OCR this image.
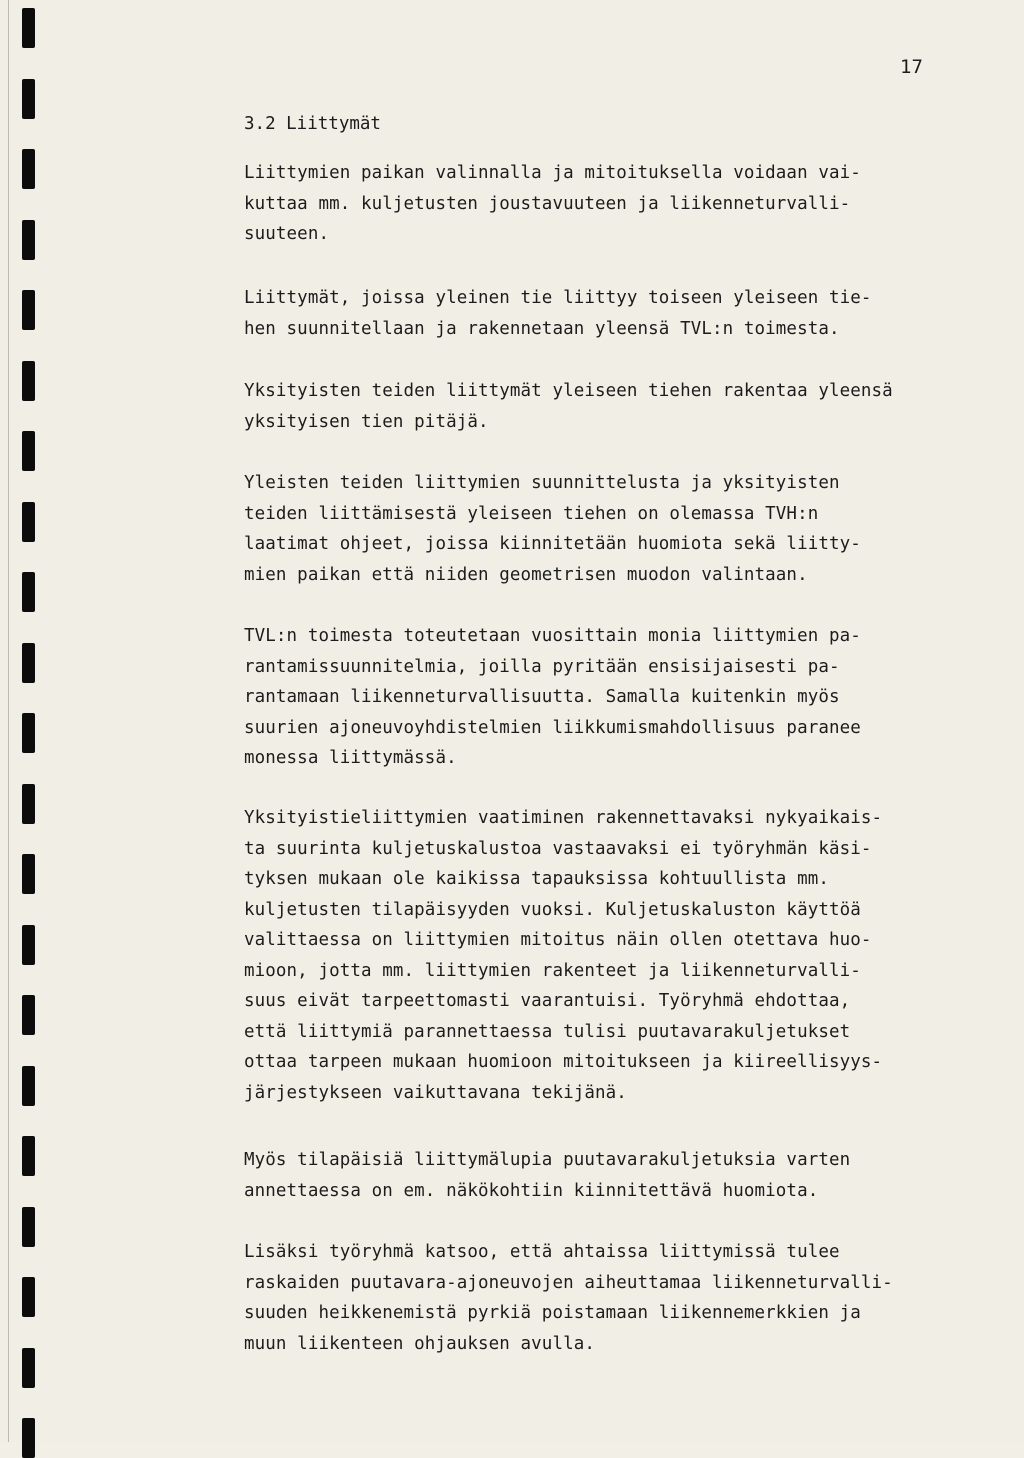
17

3.2 Liittymät

Liittymien paikan valinnalla ja mitoituksella voidaan vai-
kuttaa mm. kuljetusten joustavuuteen ja liikenneturvalli-
suuteen.

Liittymät, joissa yleinen tie liittyy toiseen yleiseen tie-
hen suunnitellaan ja rakennetaan yleensä TVL:n toimesta.

Yksityisten teiden liittymät yleiseen tiehen rakentaa yleensä
yksityisen tien pitäjä.

Yleisten teiden liittymien suunnittelusta ja yksityisten
teiden liittämisestä yleiseen tiehen on olemassa TVH:n
laatimat ohjeet, joissa kiinnitetään huomiota sekä liitty-
mien paikan että niiden geometrisen muodon valintaan.

TVL:n toimesta toteutetaan vuosittain monia liittymien pa-
rantamissuunnitelmia, joilla pyritään ensisijaisesti pa-
rantamaan liikenneturvallisuutta. Samalla kuitenkin myös
suurien ajoneuvoyhdistelmien liikkumismahdollisuus paranee
monessa liittymässä.

Yksityistieliittymien vaatiminen rakennettavaksi nykyaikais-
ta suurinta kuljetuskalustoa vastaavaksi ei työryhmän käsi-
tyksen mukaan ole kaikissa tapauksissa kohtuullista mm.
kuljetusten tilapäisyyden vuoksi. Kuljetuskaluston käyttöä
valittaessa on liittymien mitoitus näin ollen otettava huo-
mioon, jotta mm. liittymien rakenteet ja liikenneturvalli-
suus eivät tarpeettomasti vaarantuisi. Työryhmä ehdottaa,
että liittymiä parannettaessa tulisi puutavarakuljetukset
ottaa tarpeen mukaan huomioon mitoitukseen ja kiireellisyys-
järjestykseen vaikuttavana tekijänä.

Myös tilapäisiä liittymälupia puutavarakuljetuksia varten
annettaessa on em. näkökohtiin kiinnitettävä huomiota.

Lisäksi työryhmä katsoo, että ahtaissa liittymissä tulee
raskaiden puutavara-ajoneuvojen aiheuttamaa liikenneturvalli-
suuden heikkenemistä pyrkiä poistamaan liikennemerkkien ja
muun liikenteen ohjauksen avulla.
